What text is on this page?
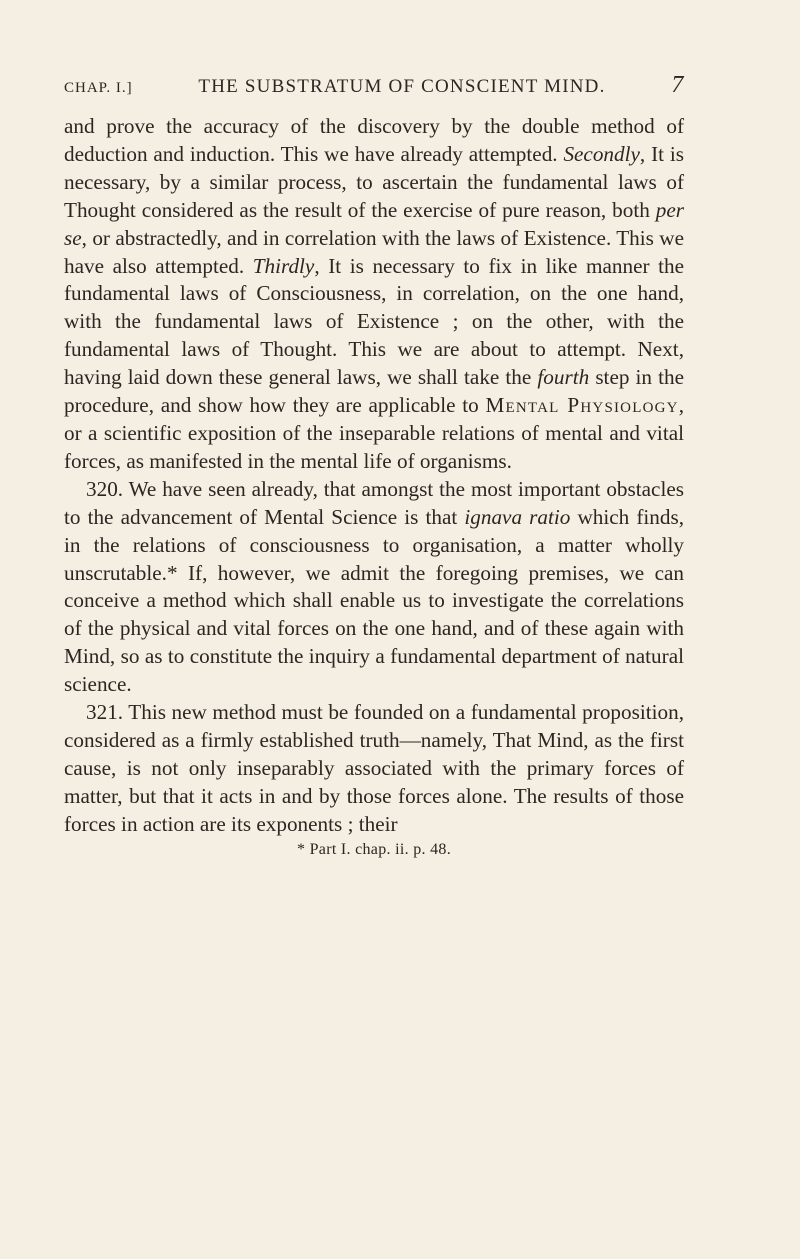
CHAP. I.]	THE SUBSTRATUM OF CONSCIENT MIND.	7

and prove the accuracy of the discovery by the double method of deduction and induction. This we have already attempted. Secondly, It is necessary, by a similar process, to ascertain the fundamental laws of Thought considered as the result of the exercise of pure reason, both per se, or abstractedly, and in correlation with the laws of Existence. This we have also attempted. Thirdly, It is necessary to fix in like manner the fundamental laws of Consciousness, in correlation, on the one hand, with the fundamental laws of Existence ; on the other, with the fundamental laws of Thought. This we are about to attempt. Next, having laid down these general laws, we shall take the fourth step in the procedure, and show how they are applicable to Mental Physiology, or a scientific exposition of the inseparable relations of mental and vital forces, as manifested in the mental life of organisms.

320. We have seen already, that amongst the most important obstacles to the advancement of Mental Science is that ignava ratio which finds, in the relations of consciousness to organisation, a matter wholly unscrutable.* If, however, we admit the foregoing premises, we can conceive a method which shall enable us to investigate the correlations of the physical and vital forces on the one hand, and of these again with Mind, so as to constitute the inquiry a fundamental department of natural science.

321. This new method must be founded on a fundamental proposition, considered as a firmly established truth—namely, That Mind, as the first cause, is not only inseparably associated with the primary forces of matter, but that it acts in and by those forces alone. The results of those forces in action are its exponents ; their

* Part I. chap. ii. p. 48.
